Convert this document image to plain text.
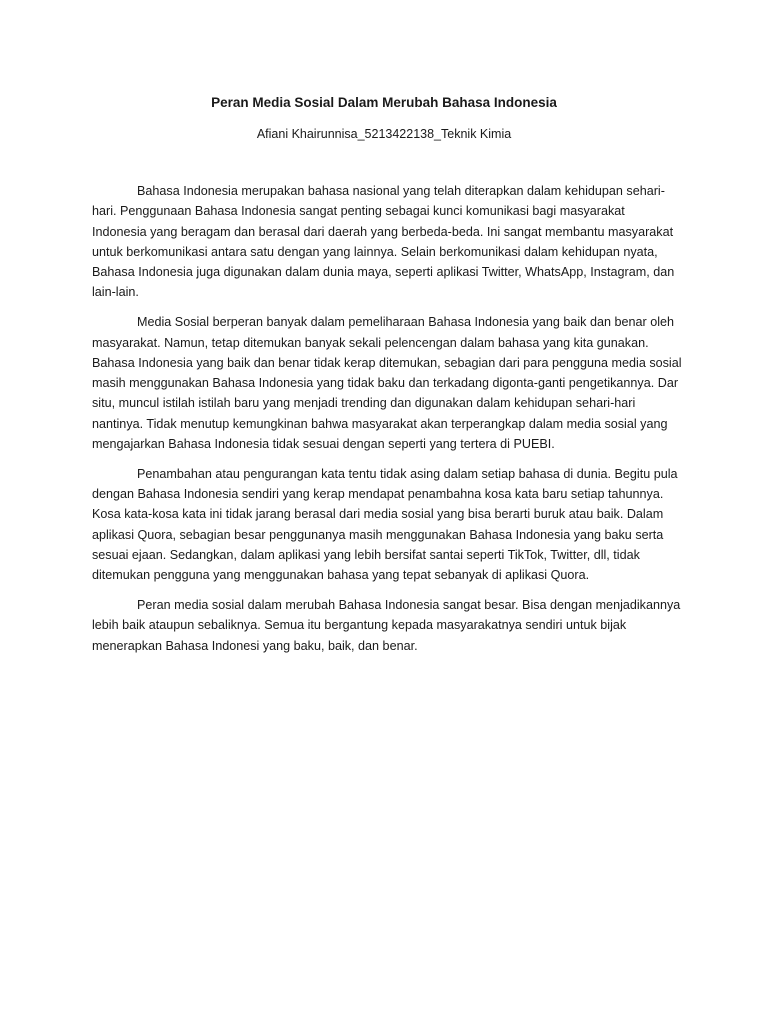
Peran Media Sosial Dalam Merubah Bahasa Indonesia
Afiani Khairunnisa_5213422138_Teknik Kimia

Bahasa Indonesia merupakan bahasa nasional yang telah diterapkan dalam kehidupan sehari-hari. Penggunaan Bahasa Indonesia sangat penting sebagai kunci komunikasi bagi masyarakat Indonesia yang beragam dan berasal dari daerah yang berbeda-beda. Ini sangat membantu masyarakat untuk berkomunikasi antara satu dengan yang lainnya. Selain berkomunikasi dalam kehidupan nyata, Bahasa Indonesia juga digunakan dalam dunia maya, seperti aplikasi Twitter, WhatsApp, Instagram, dan lain-lain.

Media Sosial berperan banyak dalam pemeliharaan Bahasa Indonesia yang baik dan benar oleh masyarakat. Namun, tetap ditemukan banyak sekali pelencengan dalam bahasa yang kita gunakan. Bahasa Indonesia yang baik dan benar tidak kerap ditemukan, sebagian dari para pengguna media sosial masih menggunakan Bahasa Indonesia yang tidak baku dan terkadang digonta-ganti pengetikannya. Dar situ, muncul istilah istilah baru yang menjadi trending dan digunakan dalam kehidupan sehari-hari nantinya. Tidak menutup kemungkinan bahwa masyarakat akan terperangkap dalam media sosial yang mengajarkan Bahasa Indonesia tidak sesuai dengan seperti yang tertera di PUEBI.

Penambahan atau pengurangan kata tentu tidak asing dalam setiap bahasa di dunia. Begitu pula dengan Bahasa Indonesia sendiri yang kerap mendapat penambahna kosa kata baru setiap tahunnya. Kosa kata-kosa kata ini tidak jarang berasal dari media sosial yang bisa berarti buruk atau baik. Dalam aplikasi Quora, sebagian besar penggunanya masih menggunakan Bahasa Indonesia yang baku serta sesuai ejaan. Sedangkan, dalam aplikasi yang lebih bersifat santai seperti TikTok, Twitter, dll, tidak ditemukan pengguna yang menggunakan bahasa yang tepat sebanyak di aplikasi Quora.

Peran media sosial dalam merubah Bahasa Indonesia sangat besar. Bisa dengan menjadikannya lebih baik ataupun sebaliknya. Semua itu bergantung kepada masyarakatnya sendiri untuk bijak menerapkan Bahasa Indonesi yang baku, baik, dan benar.
